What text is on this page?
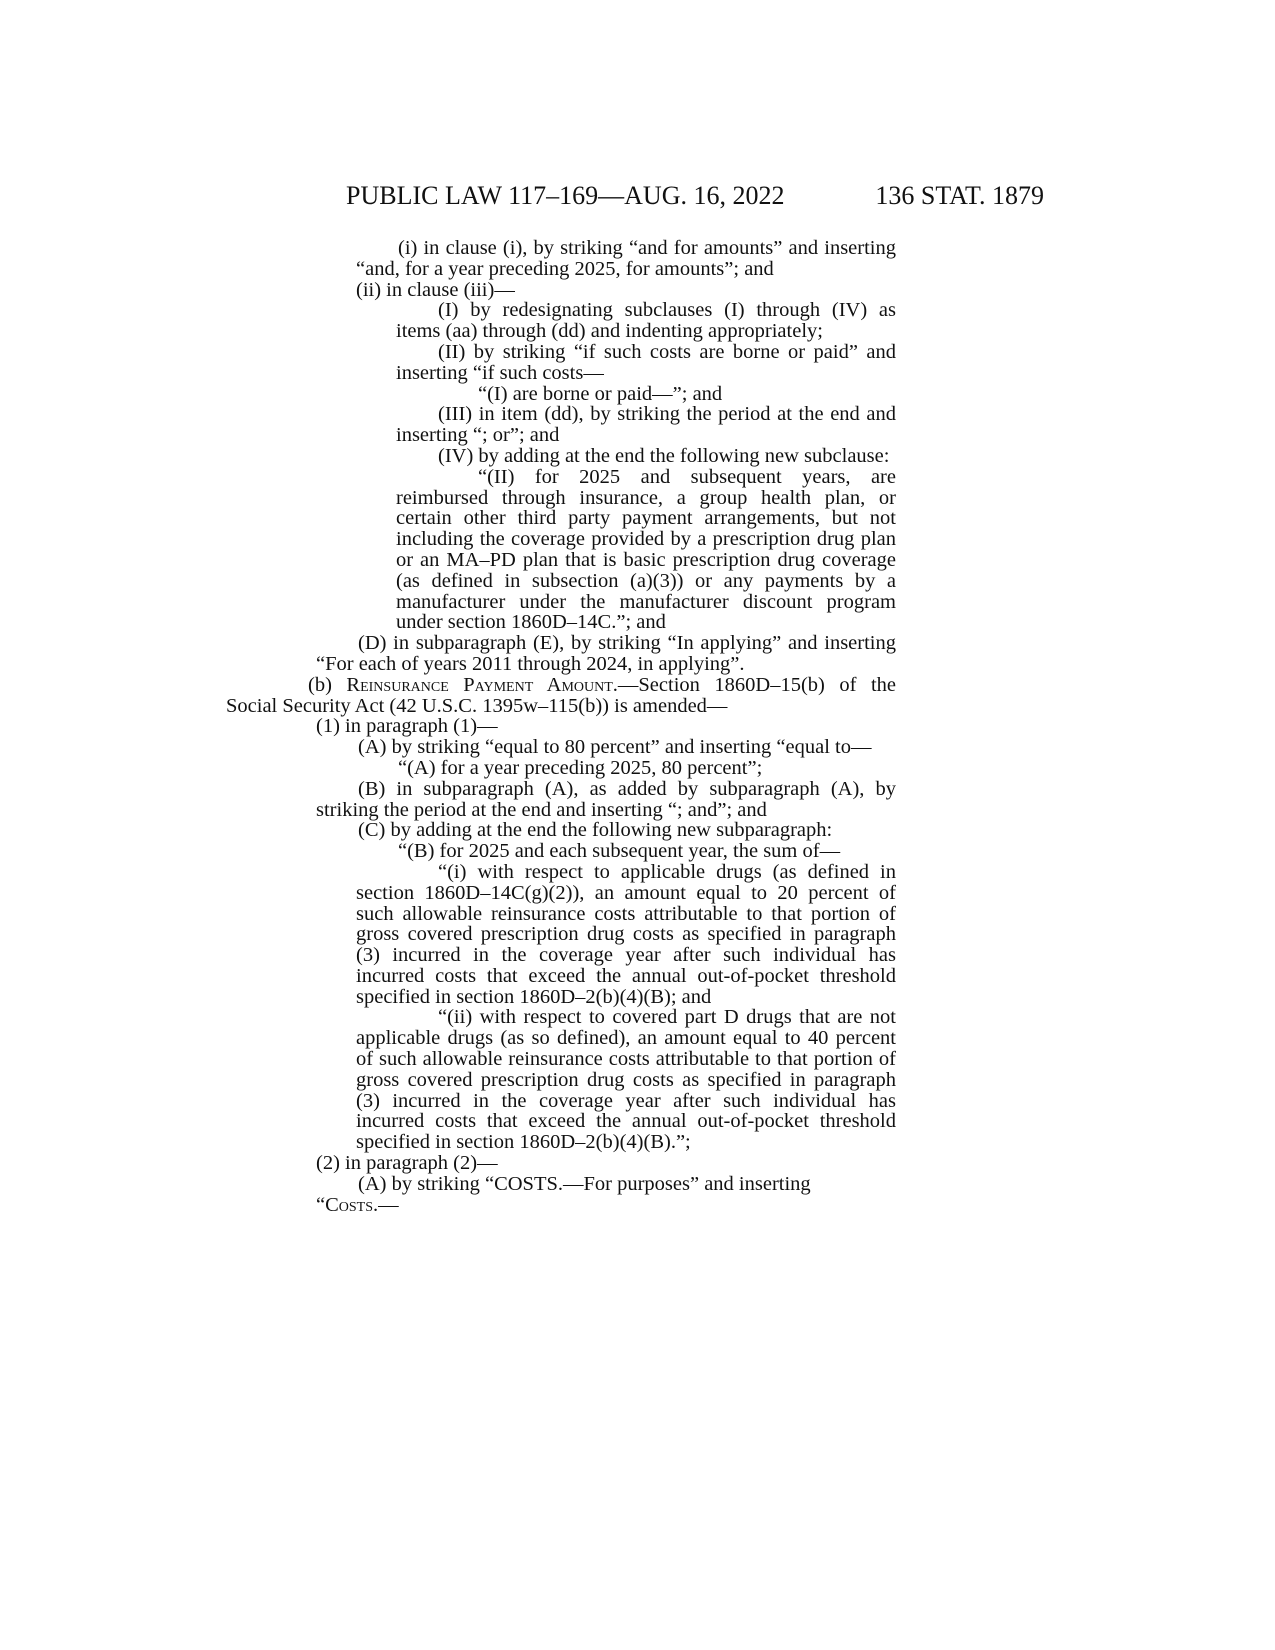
PUBLIC LAW 117–169—AUG. 16, 2022	136 STAT. 1879

(i) in clause (i), by striking “and for amounts” and inserting “and, for a year preceding 2025, for amounts”; and

(ii) in clause (iii)—

(I) by redesignating subclauses (I) through (IV) as items (aa) through (dd) and indenting appropriately;

(II) by striking “if such costs are borne or paid” and inserting “if such costs—

“(I) are borne or paid—”; and

(III) in item (dd), by striking the period at the end and inserting “; or”; and

(IV) by adding at the end the following new subclause:

“(II) for 2025 and subsequent years, are reimbursed through insurance, a group health plan, or certain other third party payment arrangements, but not including the coverage provided by a prescription drug plan or an MA–PD plan that is basic prescription drug coverage (as defined in subsection (a)(3)) or any payments by a manufacturer under the manufacturer discount program under section 1860D–14C.”; and

(D) in subparagraph (E), by striking “In applying” and inserting “For each of years 2011 through 2024, in applying”.

(b) Reinsurance Payment Amount.—Section 1860D–15(b) of the Social Security Act (42 U.S.C. 1395w–115(b)) is amended—

(1) in paragraph (1)—

(A) by striking “equal to 80 percent” and inserting “equal to—

“(A) for a year preceding 2025, 80 percent”;

(B) in subparagraph (A), as added by subparagraph (A), by striking the period at the end and inserting “; and”; and

(C) by adding at the end the following new subparagraph:

“(B) for 2025 and each subsequent year, the sum of—

“(i) with respect to applicable drugs (as defined in section 1860D–14C(g)(2)), an amount equal to 20 percent of such allowable reinsurance costs attributable to that portion of gross covered prescription drug costs as specified in paragraph (3) incurred in the coverage year after such individual has incurred costs that exceed the annual out-of-pocket threshold specified in section 1860D–2(b)(4)(B); and

“(ii) with respect to covered part D drugs that are not applicable drugs (as so defined), an amount equal to 40 percent of such allowable reinsurance costs attributable to that portion of gross covered prescription drug costs as specified in paragraph (3) incurred in the coverage year after such individual has incurred costs that exceed the annual out-of-pocket threshold specified in section 1860D–2(b)(4)(B).”;

(2) in paragraph (2)—

(A) by striking “COSTS.—For purposes” and inserting

“Costs.—
